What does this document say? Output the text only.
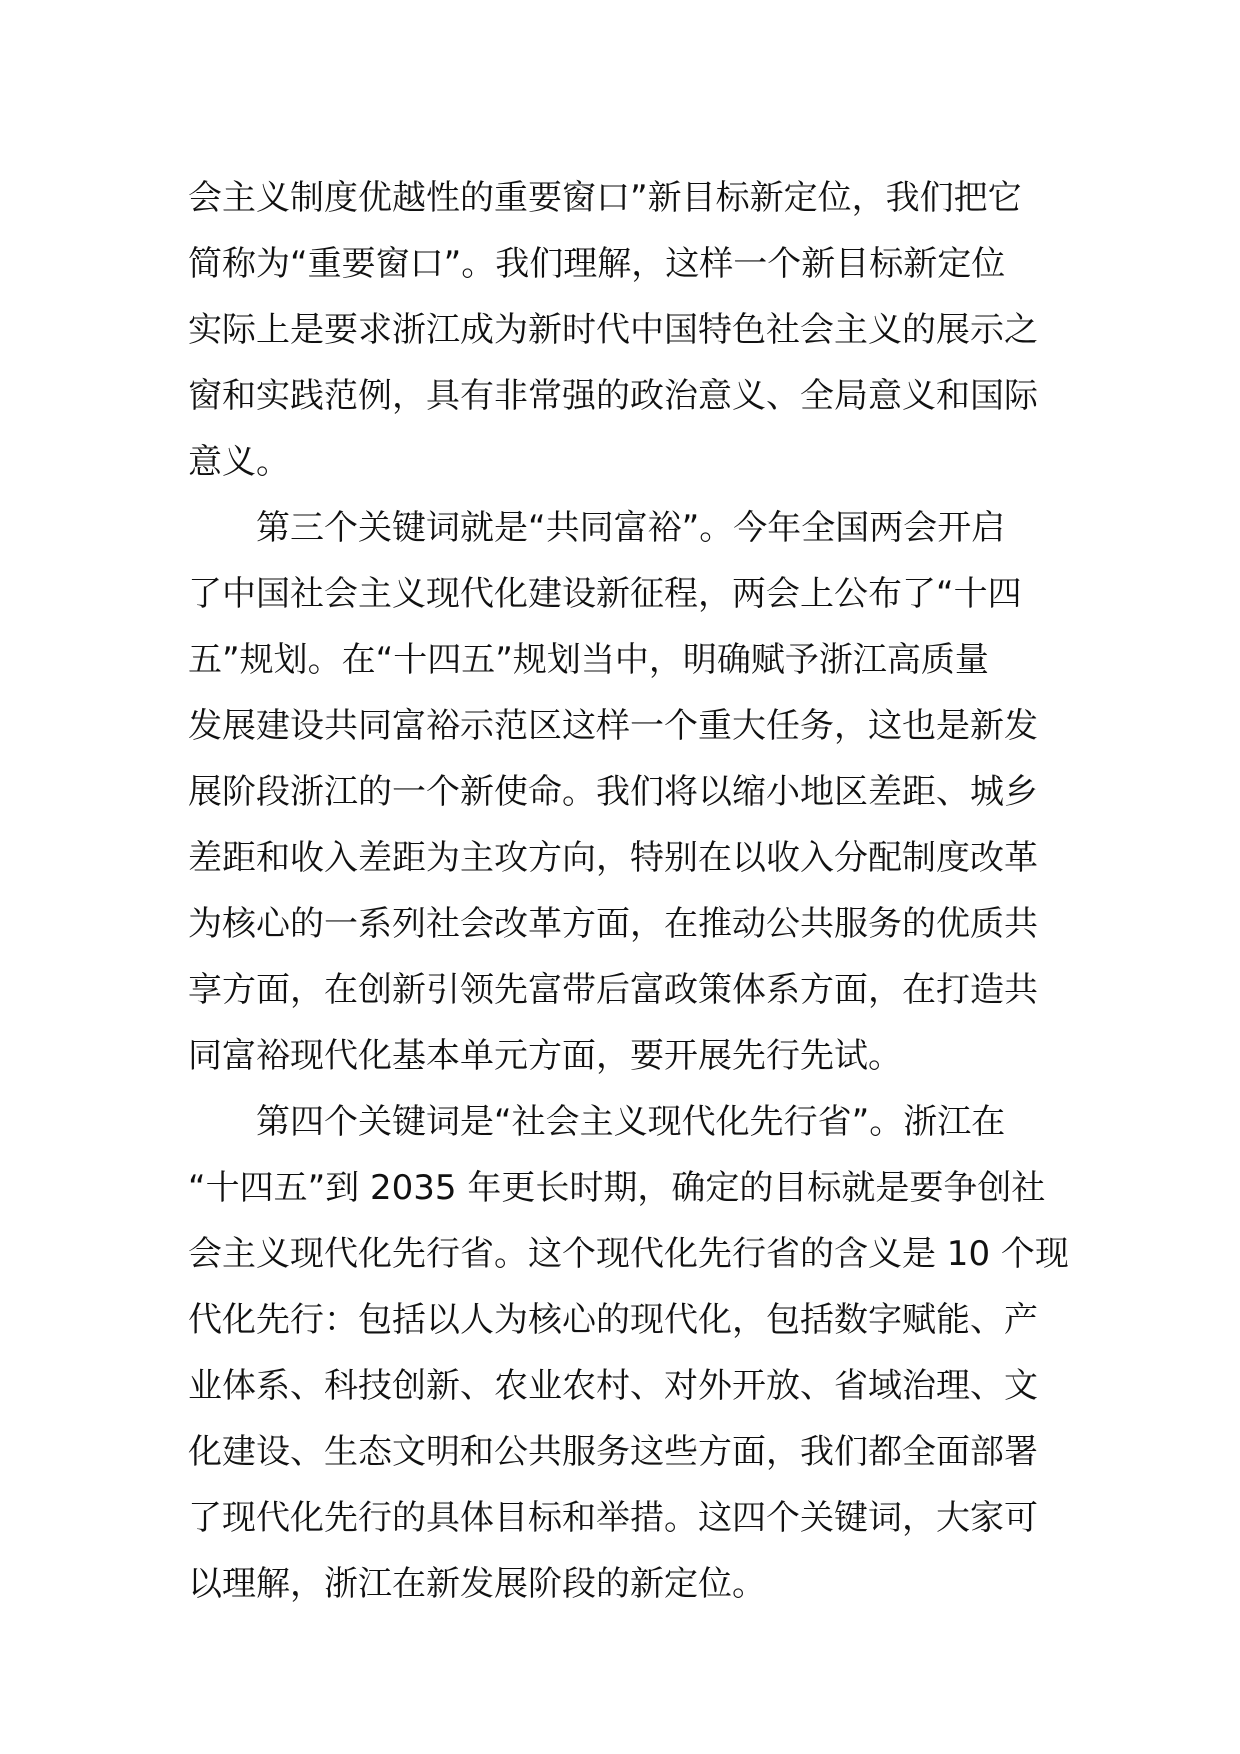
会主义制度优越性的重要窗口”新目标新定位，我们把它
简称为“重要窗口”。我们理解，这样一个新目标新定位
实际上是要求浙江成为新时代中国特色社会主义的展示之
窗和实践范例，具有非常强的政治意义、全局意义和国际
意义。
第三个关键词就是“共同富裕”。今年全国两会开启
了中国社会主义现代化建设新征程，两会上公布了“十四
五”规划。在“十四五”规划当中，明确赋予浙江高质量
发展建设共同富裕示范区这样一个重大任务，这也是新发
展阶段浙江的一个新使命。我们将以缩小地区差距、城乡
差距和收入差距为主攻方向，特别在以收入分配制度改革
为核心的一系列社会改革方面，在推动公共服务的优质共
享方面，在创新引领先富带后富政策体系方面，在打造共
同富裕现代化基本单元方面，要开展先行先试。
第四个关键词是“社会主义现代化先行省”。浙江在
“十四五”到 2035 年更长时期，确定的目标就是要争创社
会主义现代化先行省。这个现代化先行省的含义是 10 个现
代化先行：包括以人为核心的现代化，包括数字赋能、产
业体系、科技创新、农业农村、对外开放、省域治理、文
化建设、生态文明和公共服务这些方面，我们都全面部署
了现代化先行的具体目标和举措。这四个关键词，大家可
以理解，浙江在新发展阶段的新定位。
